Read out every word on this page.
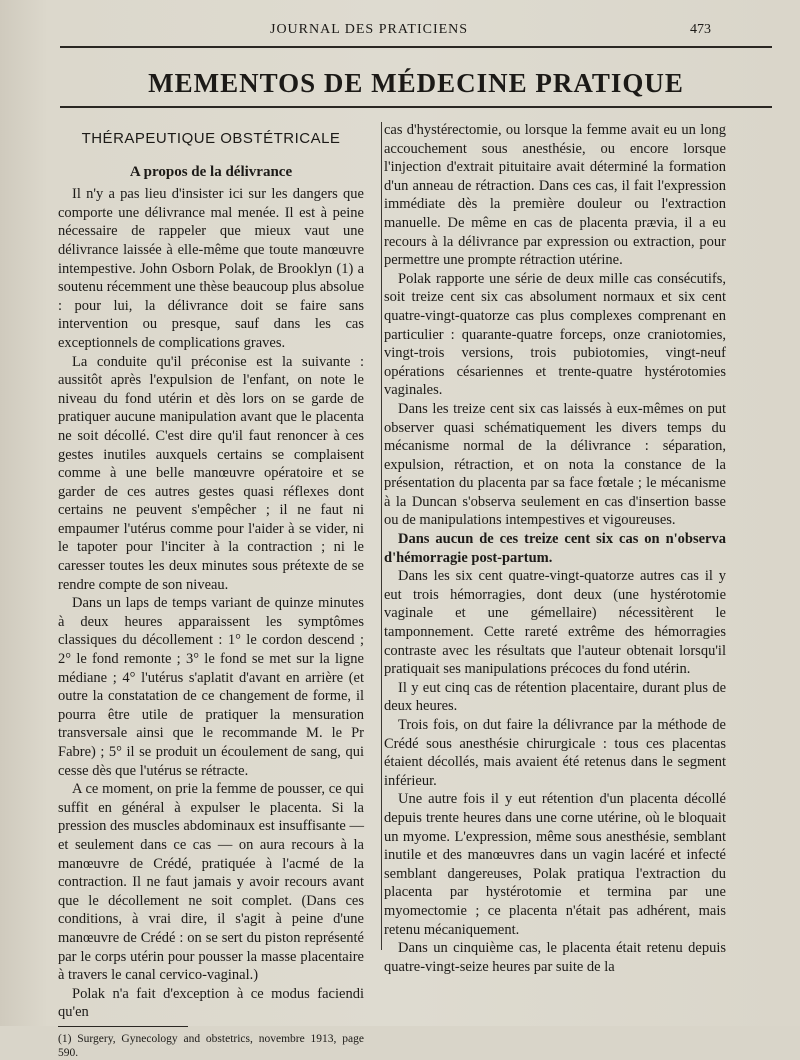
JOURNAL DES PRATICIENS	473
MEMENTOS DE MÉDECINE PRATIQUE
THÉRAPEUTIQUE OBSTÉTRICALE
A propos de la délivrance

Il n'y a pas lieu d'insister ici sur les dangers que comporte une délivrance mal menée. Il est à peine nécessaire de rappeler que mieux vaut une délivrance laissée à elle-même que toute manœuvre intempestive. John Osborn Polak, de Brooklyn (1) a soutenu récemment une thèse beaucoup plus absolue : pour lui, la délivrance doit se faire sans intervention ou presque, sauf dans les cas exceptionnels de complications graves.

La conduite qu'il préconise est la suivante : aussitôt après l'expulsion de l'enfant, on note le niveau du fond utérin et dès lors on se garde de pratiquer aucune manipulation avant que le placenta ne soit décollé. C'est dire qu'il faut renoncer à ces gestes inutiles auxquels certains se complaisent comme à une belle manœuvre opératoire et se garder de ces autres gestes quasi réflexes dont certains ne peuvent s'empêcher ; il ne faut ni empaumer l'utérus comme pour l'aider à se vider, ni le tapoter pour l'inciter à la contraction ; ni le caresser toutes les deux minutes sous prétexte de se rendre compte de son niveau.

Dans un laps de temps variant de quinze minutes à deux heures apparaissent les symptômes classiques du décollement : 1° le cordon descend ; 2° le fond remonte ; 3° le fond se met sur la ligne médiane ; 4° l'utérus s'aplatit d'avant en arrière (et outre la constatation de ce changement de forme, il pourra être utile de pratiquer la mensuration transversale ainsi que le recommande M. le Pr Fabre) ; 5° il se produit un écoulement de sang, qui cesse dès que l'utérus se rétracte.

A ce moment, on prie la femme de pousser, ce qui suffit en général à expulser le placenta. Si la pression des muscles abdominaux est insuffisante — et seulement dans ce cas — on aura recours à la manœuvre de Crédé, pratiquée à l'acmé de la contraction. Il ne faut jamais y avoir recours avant que le décollement ne soit complet. (Dans ces conditions, à vrai dire, il s'agit à peine d'une manœuvre de Crédé : on se sert du piston représenté par le corps utérin pour pousser la masse placentaire à travers le canal cervico-vaginal.)

Polak n'a fait d'exception à ce modus faciendi qu'en

(1) Surgery, Gynecology and obstetrics, novembre 1913, page 590.

cas d'hystérectomie, ou lorsque la femme avait eu un long accouchement sous anesthésie, ou encore lorsque l'injection d'extrait pituitaire avait déterminé la formation d'un anneau de rétraction. Dans ces cas, il fait l'expression immédiate dès la première douleur ou l'extraction manuelle. De même en cas de placenta prævia, il a eu recours à la délivrance par expression ou extraction, pour permettre une prompte rétraction utérine.

Polak rapporte une série de deux mille cas consécutifs, soit treize cent six cas absolument normaux et six cent quatre-vingt-quatorze cas plus complexes comprenant en particulier : quarante-quatre forceps, onze craniotomies, vingt-trois versions, trois pubiotomies, vingt-neuf opérations césariennes et trente-quatre hystérotomies vaginales.

Dans les treize cent six cas laissés à eux-mêmes on put observer quasi schématiquement les divers temps du mécanisme normal de la délivrance : séparation, expulsion, rétraction, et on nota la constance de la présentation du placenta par sa face fœtale ; le mécanisme à la Duncan s'observa seulement en cas d'insertion basse ou de manipulations intempestives et vigoureuses.

Dans aucun de ces treize cent six cas on n'observa d'hémorragie post-partum.

Dans les six cent quatre-vingt-quatorze autres cas il y eut trois hémorragies, dont deux (une hystérotomie vaginale et une gémellaire) nécessitèrent le tamponnement. Cette rareté extrême des hémorragies contraste avec les résultats que l'auteur obtenait lorsqu'il pratiquait ses manipulations précoces du fond utérin.

Il y eut cinq cas de rétention placentaire, durant plus de deux heures.

Trois fois, on dut faire la délivrance par la méthode de Crédé sous anesthésie chirurgicale : tous ces placentas étaient décollés, mais avaient été retenus dans le segment inférieur.

Une autre fois il y eut rétention d'un placenta décollé depuis trente heures dans une corne utérine, où le bloquait un myome. L'expression, même sous anesthésie, semblant inutile et des manœuvres dans un vagin lacéré et infecté semblant dangereuses, Polak pratiqua l'extraction du placenta par hystérotomie et termina par une myomectomie ; ce placenta n'était pas adhérent, mais retenu mécaniquement.

Dans un cinquième cas, le placenta était retenu depuis quatre-vingt-seize heures par suite de la
